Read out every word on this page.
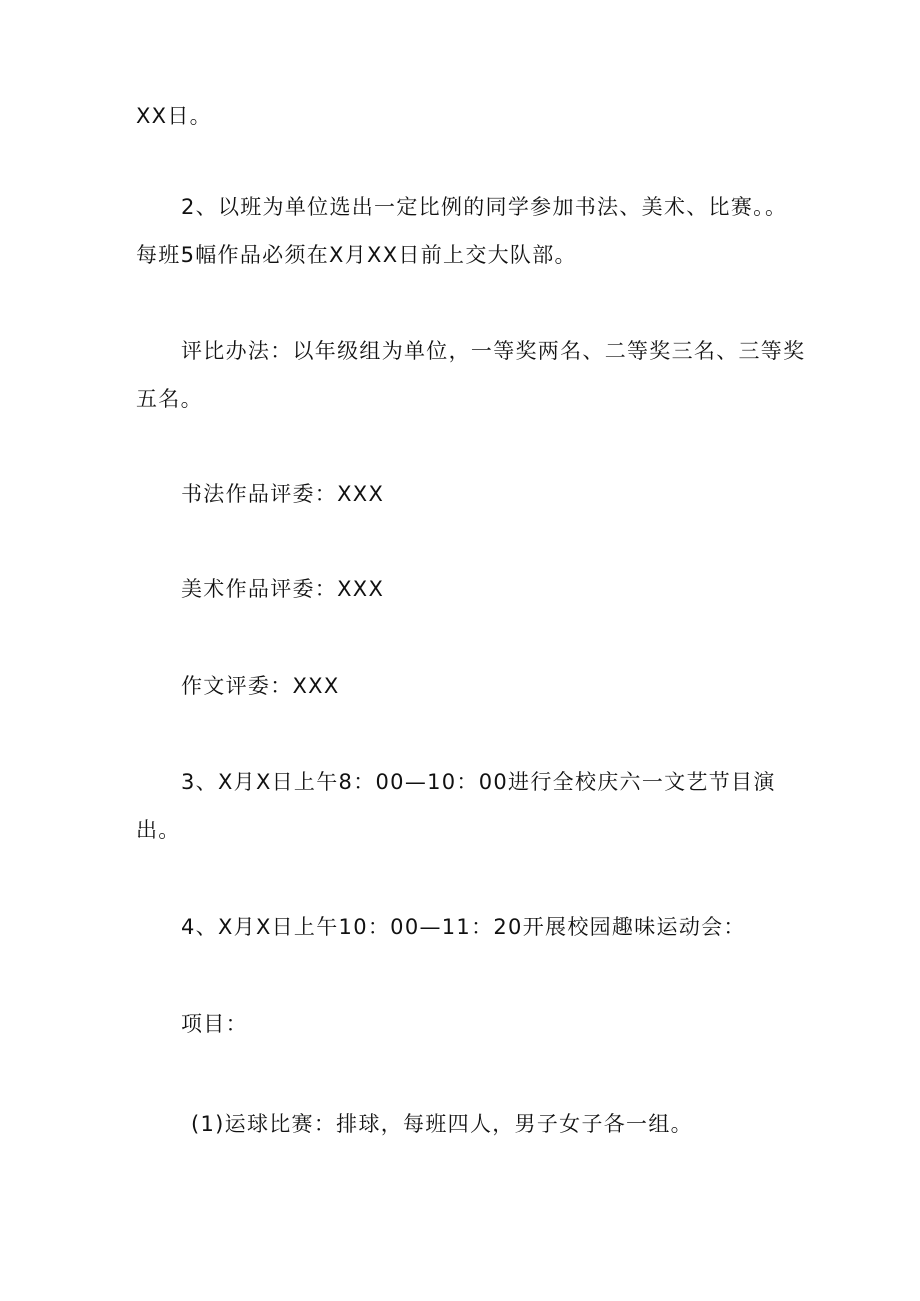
XX日。

2、以班为单位选出一定比例的同学参加书法、美术、比赛。。
每班5幅作品必须在X月XX日前上交大队部。

评比办法：以年级组为单位，一等奖两名、二等奖三名、三等奖
五名。

书法作品评委：XXX

美术作品评委：XXX

作文评委：XXX

3、X月X日上午8：00—10：00进行全校庆六一文艺节目演
出。

4、X月X日上午10：00—11：20开展校园趣味运动会：

项目：

(1)运球比赛：排球，每班四人，男子女子各一组。
